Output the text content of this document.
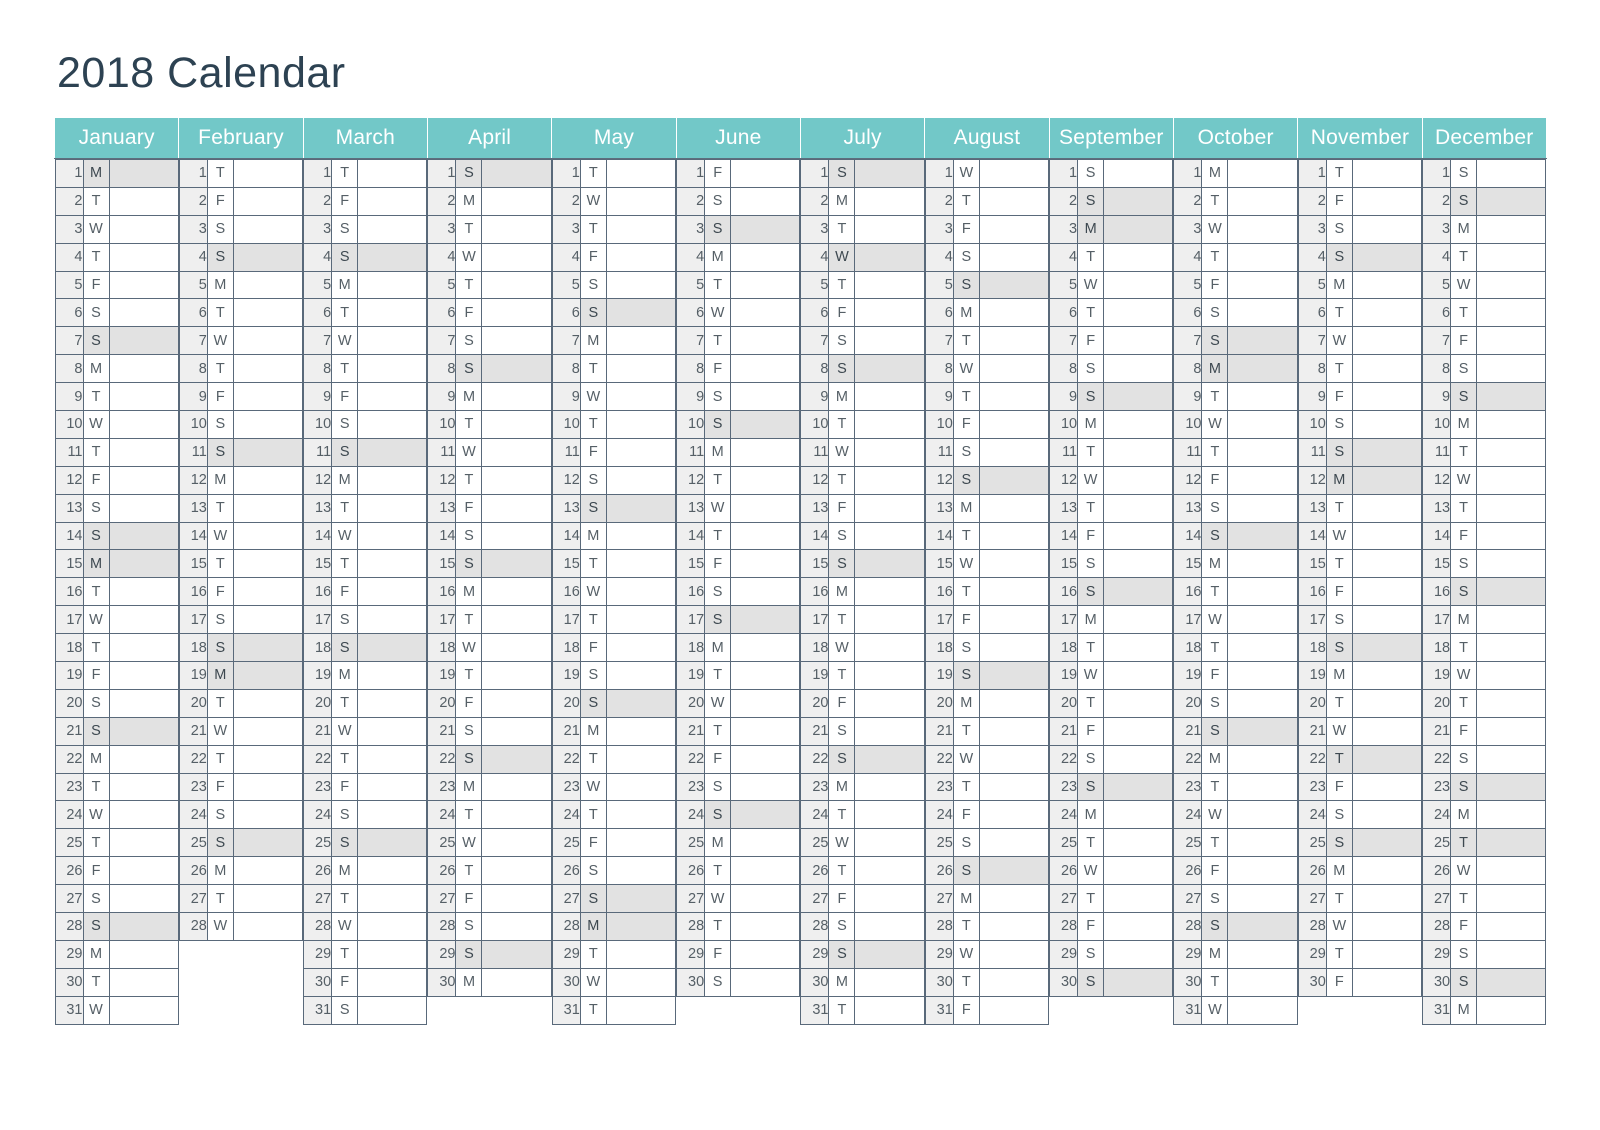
2018 Calendar
January	February	March	April	May	June	July	August	September	October	November	December

1	M	
2	T	
3	W	
4	T	
5	F	
6	S	
7	S	
8	M	
9	T	
10	W	
11	T	
12	F	
13	S	
14	S	
15	M	
16	T	
17	W	
18	T	
19	F	
20	S	
21	S	
22	M	
23	T	
24	W	
25	T	
26	F	
27	S	
28	S	
29	M	
30	T	
31	W	

1	T	
2	F	
3	S	
4	S	
5	M	
6	T	
7	W	
8	T	
9	F	
10	S	
11	S	
12	M	
13	T	
14	W	
15	T	
16	F	
17	S	
18	S	
19	M	
20	T	
21	W	
22	T	
23	F	
24	S	
25	S	
26	M	
27	T	
28	W	

1	T	
2	F	
3	S	
4	S	
5	M	
6	T	
7	W	
8	T	
9	F	
10	S	
11	S	
12	M	
13	T	
14	W	
15	T	
16	F	
17	S	
18	S	
19	M	
20	T	
21	W	
22	T	
23	F	
24	S	
25	S	
26	M	
27	T	
28	W	
29	T	
30	F	
31	S	

1	S	
2	M	
3	T	
4	W	
5	T	
6	F	
7	S	
8	S	
9	M	
10	T	
11	W	
12	T	
13	F	
14	S	
15	S	
16	M	
17	T	
18	W	
19	T	
20	F	
21	S	
22	S	
23	M	
24	T	
25	W	
26	T	
27	F	
28	S	
29	S	
30	M	

1	T	
2	W	
3	T	
4	F	
5	S	
6	S	
7	M	
8	T	
9	W	
10	T	
11	F	
12	S	
13	S	
14	M	
15	T	
16	W	
17	T	
18	F	
19	S	
20	S	
21	M	
22	T	
23	W	
24	T	
25	F	
26	S	
27	S	
28	M	
29	T	
30	W	
31	T	

1	F	
2	S	
3	S	
4	M	
5	T	
6	W	
7	T	
8	F	
9	S	
10	S	
11	M	
12	T	
13	W	
14	T	
15	F	
16	S	
17	S	
18	M	
19	T	
20	W	
21	T	
22	F	
23	S	
24	S	
25	M	
26	T	
27	W	
28	T	
29	F	
30	S	

1	S	
2	M	
3	T	
4	W	
5	T	
6	F	
7	S	
8	S	
9	M	
10	T	
11	W	
12	T	
13	F	
14	S	
15	S	
16	M	
17	T	
18	W	
19	T	
20	F	
21	S	
22	S	
23	M	
24	T	
25	W	
26	T	
27	F	
28	S	
29	S	
30	M	
31	T	

1	W	
2	T	
3	F	
4	S	
5	S	
6	M	
7	T	
8	W	
9	T	
10	F	
11	S	
12	S	
13	M	
14	T	
15	W	
16	T	
17	F	
18	S	
19	S	
20	M	
21	T	
22	W	
23	T	
24	F	
25	S	
26	S	
27	M	
28	T	
29	W	
30	T	
31	F	

1	S	
2	S	
3	M	
4	T	
5	W	
6	T	
7	F	
8	S	
9	S	
10	M	
11	T	
12	W	
13	T	
14	F	
15	S	
16	S	
17	M	
18	T	
19	W	
20	T	
21	F	
22	S	
23	S	
24	M	
25	T	
26	W	
27	T	
28	F	
29	S	
30	S	

1	M	
2	T	
3	W	
4	T	
5	F	
6	S	
7	S	
8	M	
9	T	
10	W	
11	T	
12	F	
13	S	
14	S	
15	M	
16	T	
17	W	
18	T	
19	F	
20	S	
21	S	
22	M	
23	T	
24	W	
25	T	
26	F	
27	S	
28	S	
29	M	
30	T	
31	W	

1	T	
2	F	
3	S	
4	S	
5	M	
6	T	
7	W	
8	T	
9	F	
10	S	
11	S	
12	M	
13	T	
14	W	
15	T	
16	F	
17	S	
18	S	
19	M	
20	T	
21	W	
22	T	
23	F	
24	S	
25	S	
26	M	
27	T	
28	W	
29	T	
30	F	

1	S	
2	S	
3	M	
4	T	
5	W	
6	T	
7	F	
8	S	
9	S	
10	M	
11	T	
12	W	
13	T	
14	F	
15	S	
16	S	
17	M	
18	T	
19	W	
20	T	
21	F	
22	S	
23	S	
24	M	
25	T	
26	W	
27	T	
28	F	
29	S	
30	S	
31	M	
